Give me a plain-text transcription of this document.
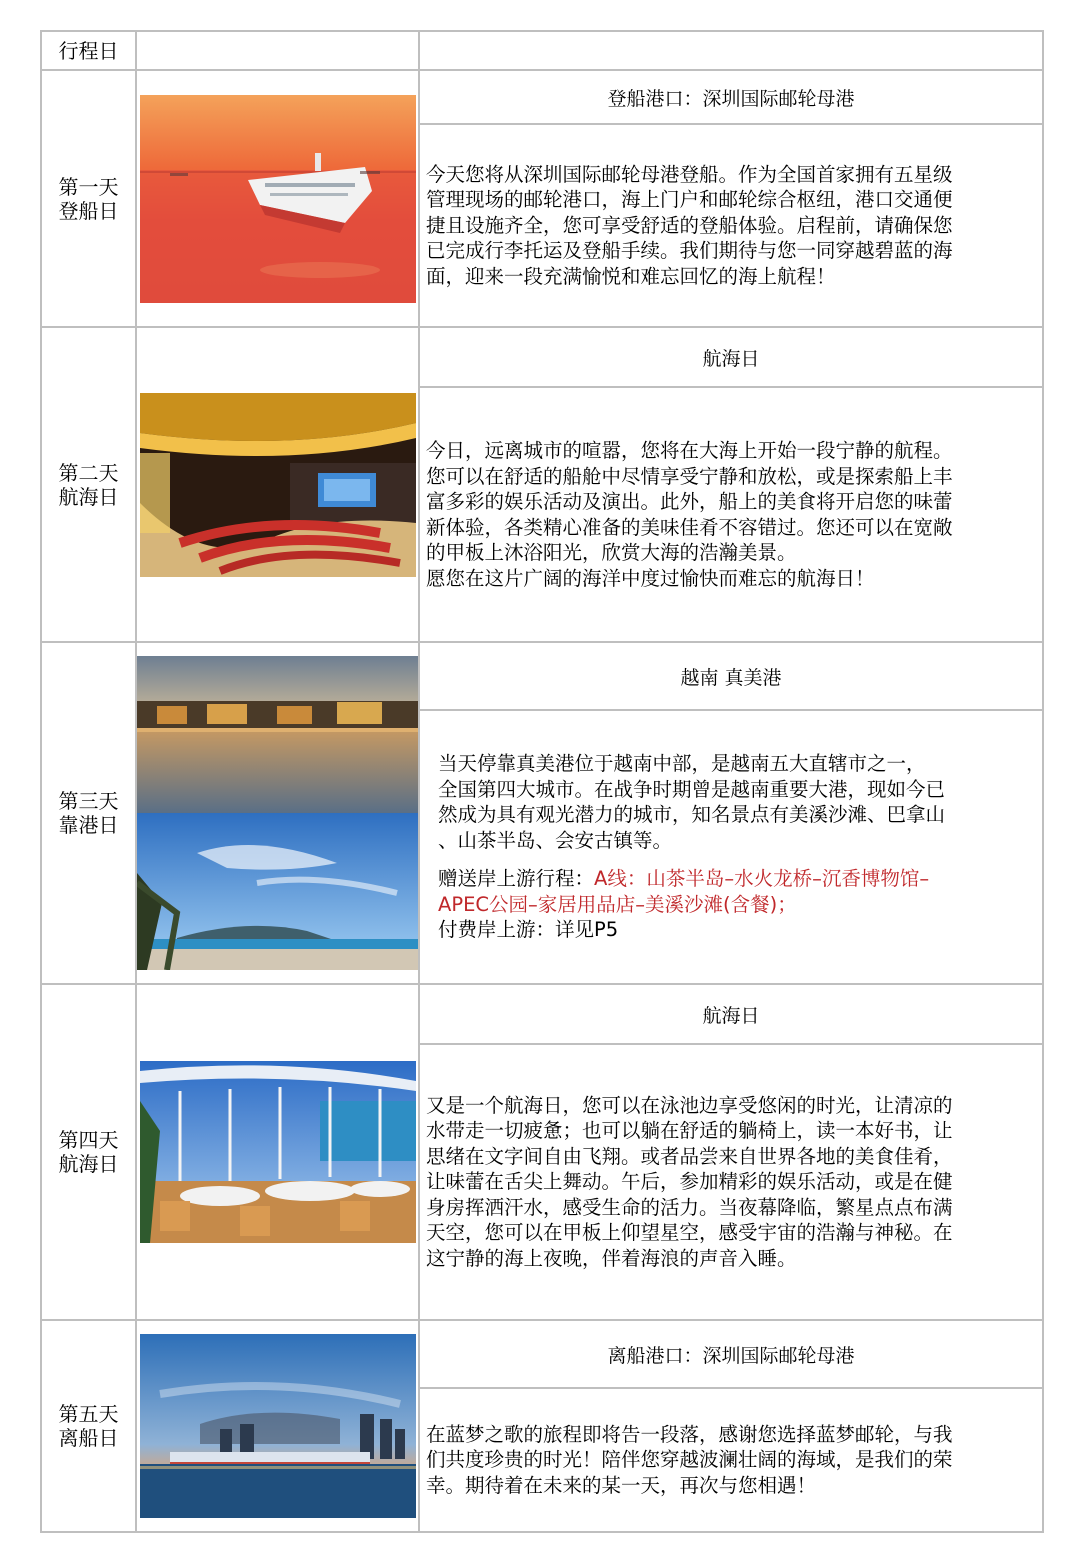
行程日
第一天
登船日
登船港口：深圳国际邮轮母港
今天您将从深圳国际邮轮母港登船。作为全国首家拥有五星级
管理现场的邮轮港口，海上门户和邮轮综合枢纽，港口交通便
捷且设施齐全，您可享受舒适的登船体验。启程前，请确保您
已完成行李托运及登船手续。我们期待与您一同穿越碧蓝的海
面，迎来一段充满愉悦和难忘回忆的海上航程！
第二天
航海日
航海日
今日，远离城市的喧嚣，您将在大海上开始一段宁静的航程。
您可以在舒适的船舱中尽情享受宁静和放松，或是探索船上丰
富多彩的娱乐活动及演出。此外，船上的美食将开启您的味蕾
新体验，各类精心准备的美味佳肴不容错过。您还可以在宽敞
的甲板上沐浴阳光，欣赏大海的浩瀚美景。
愿您在这片广阔的海洋中度过愉快而难忘的航海日！
第三天
靠港日
越南 真美港
当天停靠真美港位于越南中部，是越南五大直辖市之一，
全国第四大城市。在战争时期曾是越南重要大港，现如今已
然成为具有观光潜力的城市，知名景点有美溪沙滩、巴拿山
、山茶半岛、会安古镇等。
赠送岸上游行程：A线：山茶半岛–水火龙桥–沉香博物馆–
APEC公园–家居用品店–美溪沙滩(含餐)；
付费岸上游：详见P5
第四天
航海日
航海日
又是一个航海日，您可以在泳池边享受悠闲的时光，让清凉的
水带走一切疲惫；也可以躺在舒适的躺椅上，读一本好书，让
思绪在文字间自由飞翔。或者品尝来自世界各地的美食佳肴，
让味蕾在舌尖上舞动。午后，参加精彩的娱乐活动，或是在健
身房挥洒汗水，感受生命的活力。当夜幕降临，繁星点点布满
天空，您可以在甲板上仰望星空，感受宇宙的浩瀚与神秘。在
这宁静的海上夜晚，伴着海浪的声音入睡。
第五天
离船日
离船港口：深圳国际邮轮母港
在蓝梦之歌的旅程即将告一段落，感谢您选择蓝梦邮轮，与我
们共度珍贵的时光！陪伴您穿越波澜壮阔的海域，是我们的荣
幸。期待着在未来的某一天，再次与您相遇！
